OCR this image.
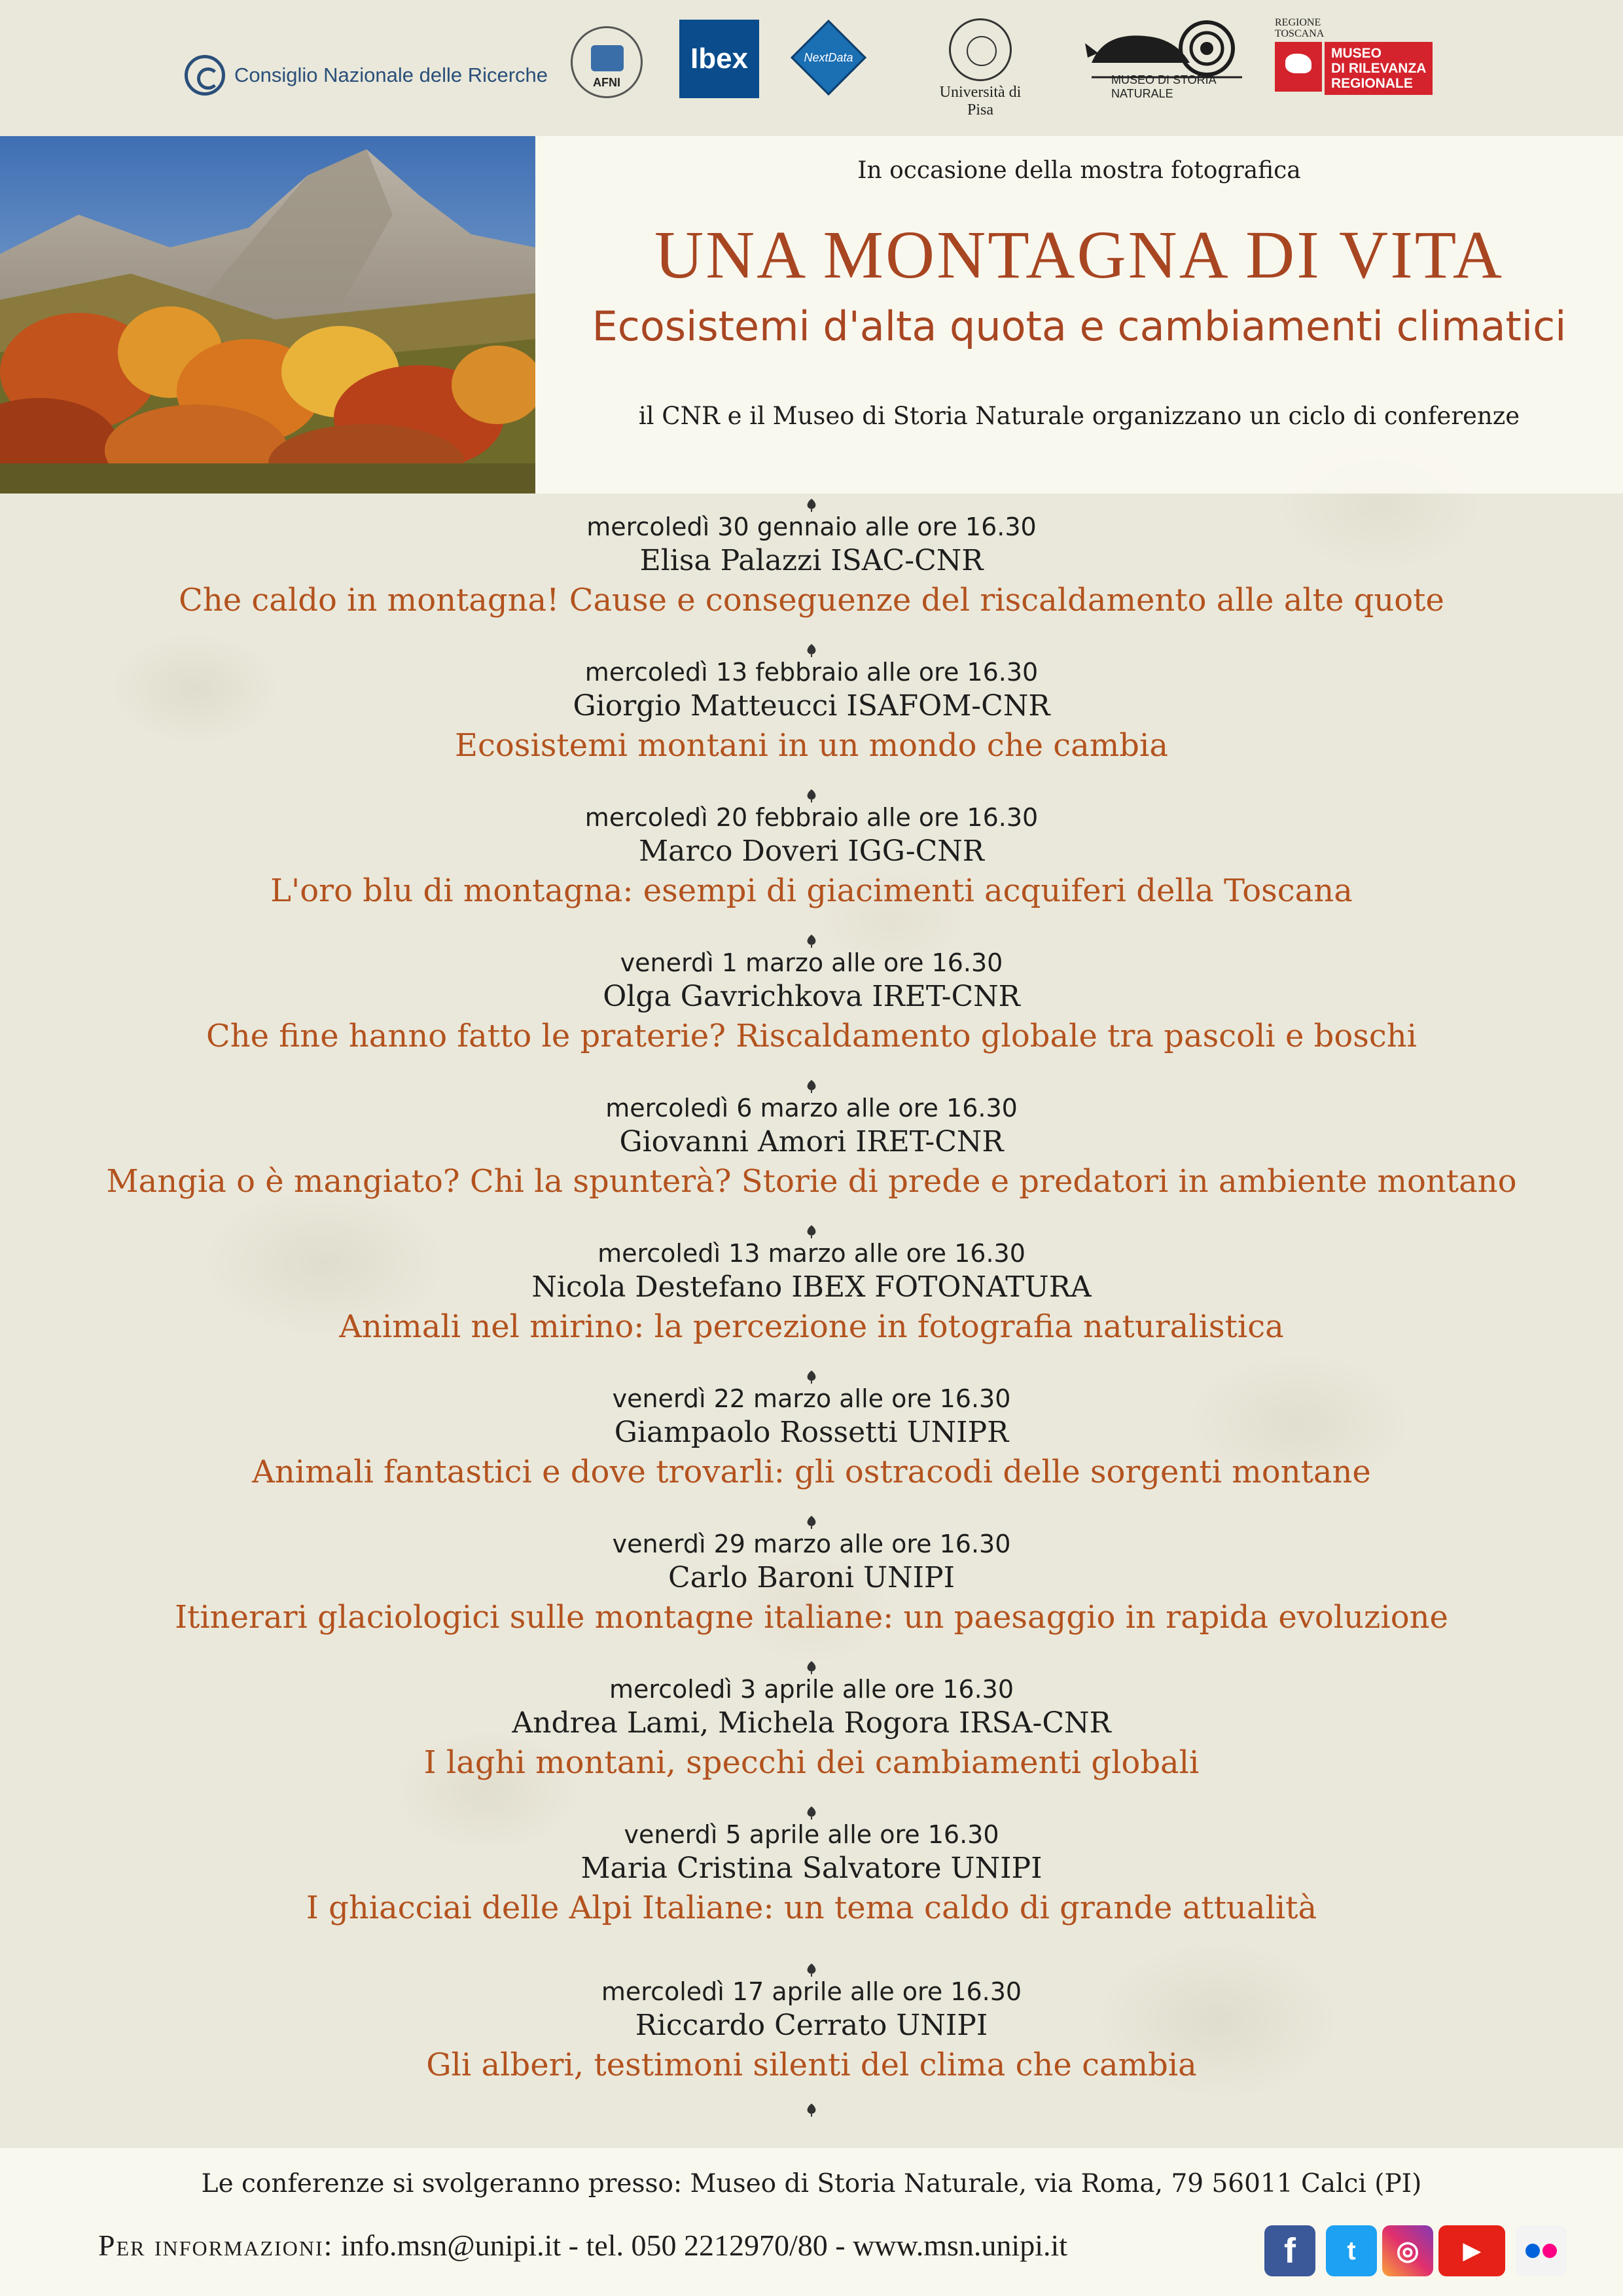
Consiglio Nazionale delle Ricerche	AFNI
Ibex	NextData
Università di Pisa
MUSEO DI STORIA NATURALE
REGIONE TOSCANA
MUSEO
DI RILEVANZA
REGIONALE
In occasione della mostra fotografica
UNA MONTAGNA DI VITA
Ecosistemi d'alta quota e cambiamenti climatici
il CNR e il Museo di Storia Naturale organizzano un ciclo di conferenze
mercoledì 30 gennaio alle ore 16.30
Elisa Palazzi ISAC-CNR
Che caldo in montagna! Cause e conseguenze del riscaldamento alle alte quote
mercoledì 13 febbraio alle ore 16.30
Giorgio Matteucci ISAFOM-CNR
Ecosistemi montani in un mondo che cambia
mercoledì 20 febbraio alle ore 16.30
Marco Doveri IGG-CNR
L'oro blu di montagna: esempi di giacimenti acquiferi della Toscana
venerdì 1 marzo alle ore 16.30
Olga Gavrichkova IRET-CNR
Che fine hanno fatto le praterie? Riscaldamento globale tra pascoli e boschi
mercoledì 6 marzo alle ore 16.30
Giovanni Amori IRET-CNR
Mangia o è mangiato? Chi la spunterà? Storie di prede e predatori in ambiente montano
mercoledì 13 marzo alle ore 16.30
Nicola Destefano IBEX FOTONATURA
Animali nel mirino: la percezione in fotografia naturalistica
venerdì 22 marzo alle ore 16.30
Giampaolo Rossetti UNIPR
Animali fantastici e dove trovarli: gli ostracodi delle sorgenti montane
venerdì 29 marzo alle ore 16.30
Carlo Baroni UNIPI
Itinerari glaciologici sulle montagne italiane: un paesaggio in rapida evoluzione
mercoledì 3 aprile alle ore 16.30
Andrea Lami, Michela Rogora IRSA-CNR
I laghi montani, specchi dei cambiamenti globali
venerdì 5 aprile alle ore 16.30
Maria Cristina Salvatore UNIPI
I ghiacciai delle Alpi Italiane: un tema caldo di grande attualità
mercoledì 17 aprile alle ore 16.30
Riccardo Cerrato UNIPI
Gli alberi, testimoni silenti del clima che cambia
Le conferenze si svolgeranno presso: Museo di Storia Naturale, via Roma, 79 56011 Calci (PI)
Per informazioni: info.msn@unipi.it - tel. 050 2212970/80 - www.msn.unipi.it	f t ◎ ▶
